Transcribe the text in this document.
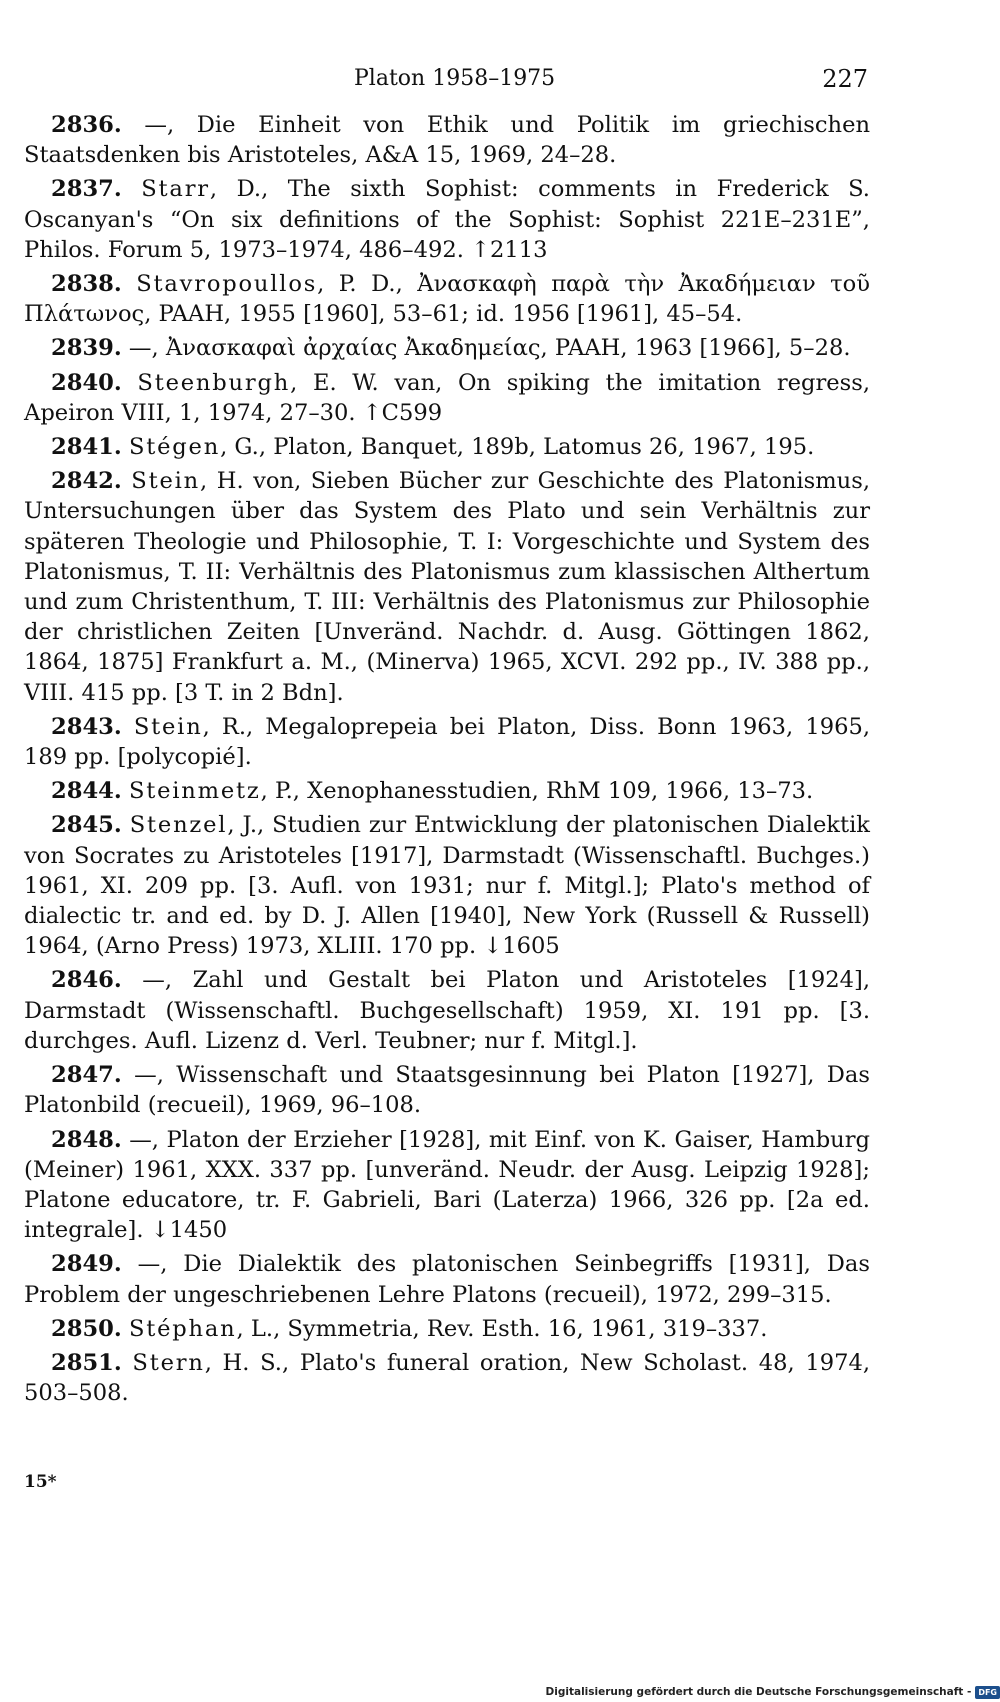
Platon 1958–1975	227

2836. —, Die Einheit von Ethik und Politik im griechischen Staatsdenken bis Aristoteles, A&A 15, 1969, 24–28.

2837. Starr, D., The sixth Sophist: comments in Frederick S. Oscanyan's “On six definitions of the Sophist: Sophist 221E–231E”, Philos. Forum 5, 1973–1974, 486–492. ↑2113

2838. Stavropoullos, P. D., Ἀνασκαφὴ παρὰ τὴν Ἀκαδήμειαν τοῦ Πλάτωνος, PAAH, 1955 [1960], 53–61; id. 1956 [1961], 45–54.

2839. —, Ἀνασκαφαὶ ἀρχαίας Ἀκαδημείας, PAAH, 1963 [1966], 5–28.

2840. Steenburgh, E. W. van, On spiking the imitation regress, Apeiron VIII, 1, 1974, 27–30. ↑C599

2841. Stégen, G., Platon, Banquet, 189b, Latomus 26, 1967, 195.

2842. Stein, H. von, Sieben Bücher zur Geschichte des Platonismus, Untersuchungen über das System des Plato und sein Verhältnis zur späteren Theologie und Philosophie, T. I: Vorgeschichte und System des Platonismus, T. II: Verhältnis des Platonismus zum klassischen Althertum und zum Christenthum, T. III: Verhältnis des Platonismus zur Philosophie der christlichen Zeiten [Unveränd. Nachdr. d. Ausg. Göttingen 1862, 1864, 1875] Frankfurt a. M., (Minerva) 1965, XCVI. 292 pp., IV. 388 pp., VIII. 415 pp. [3 T. in 2 Bdn].

2843. Stein, R., Megaloprepeia bei Platon, Diss. Bonn 1963, 1965, 189 pp. [polycopié].

2844. Steinmetz, P., Xenophanesstudien, RhM 109, 1966, 13–73.

2845. Stenzel, J., Studien zur Entwicklung der platonischen Dialektik von Socrates zu Aristoteles [1917], Darmstadt (Wissenschaftl. Buchges.) 1961, XI. 209 pp. [3. Aufl. von 1931; nur f. Mitgl.]; Plato's method of dialectic tr. and ed. by D. J. Allen [1940], New York (Russell & Russell) 1964, (Arno Press) 1973, XLIII. 170 pp. ↓1605

2846. —, Zahl und Gestalt bei Platon und Aristoteles [1924], Darmstadt (Wissenschaftl. Buchgesellschaft) 1959, XI. 191 pp. [3. durchges. Aufl. Lizenz d. Verl. Teubner; nur f. Mitgl.].

2847. —, Wissenschaft und Staatsgesinnung bei Platon [1927], Das Platonbild (recueil), 1969, 96–108.

2848. —, Platon der Erzieher [1928], mit Einf. von K. Gaiser, Hamburg (Meiner) 1961, XXX. 337 pp. [unveränd. Neudr. der Ausg. Leipzig 1928]; Platone educatore, tr. F. Gabrieli, Bari (Laterza) 1966, 326 pp. [2a ed. integrale]. ↓1450

2849. —, Die Dialektik des platonischen Seinbegriffs [1931], Das Problem der ungeschriebenen Lehre Platons (recueil), 1972, 299–315.

2850. Stéphan, L., Symmetria, Rev. Esth. 16, 1961, 319–337.

2851. Stern, H. S., Plato's funeral oration, New Scholast. 48, 1974, 503–508.

15*
Digitalisierung gefördert durch die Deutsche Forschungsgemeinschaft - DFG
